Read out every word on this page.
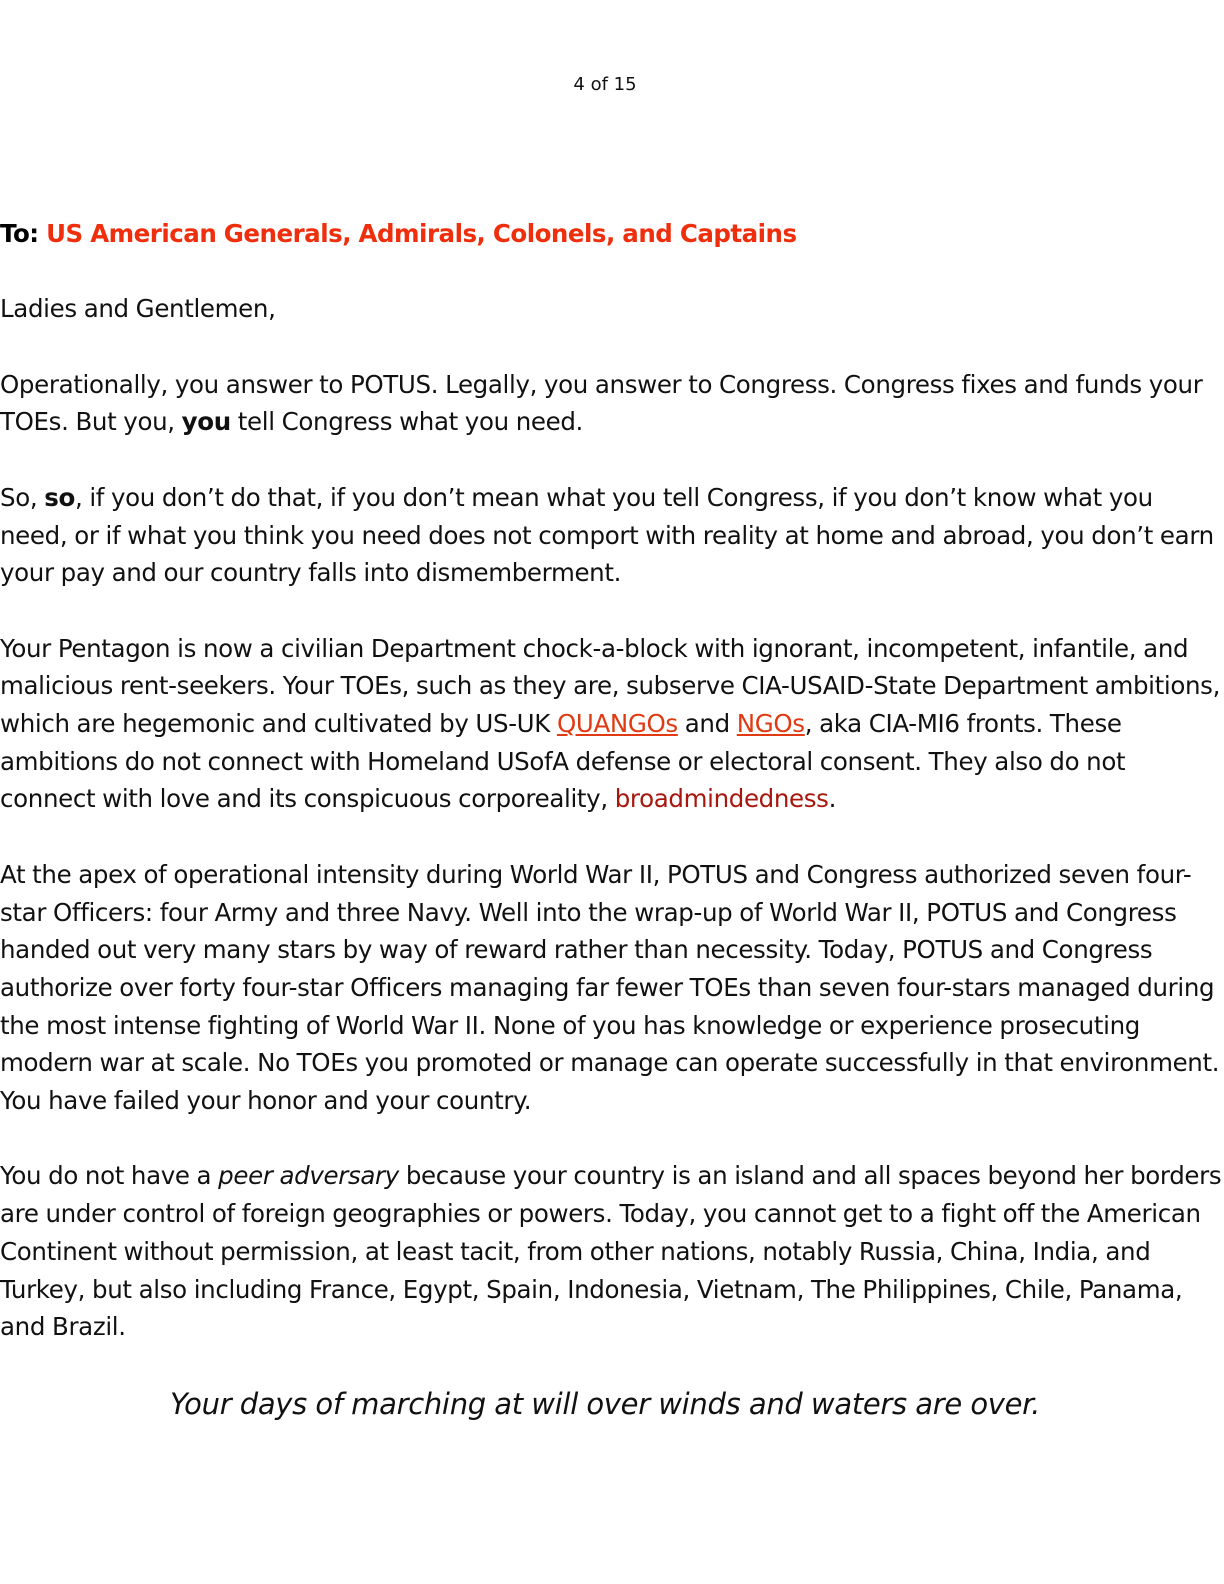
4 of 15

To: US American Generals, Admirals, Colonels, and Captains

Ladies and Gentlemen,

Operationally, you answer to POTUS. Legally, you answer to Congress. Congress fixes and funds your TOEs. But you, you tell Congress what you need.

So, so, if you don’t do that, if you don’t mean what you tell Congress, if you don’t know what you need, or if what you think you need does not comport with reality at home and abroad, you don’t earn your pay and our country falls into dismemberment.

Your Pentagon is now a civilian Department chock-a-block with ignorant, incompetent, infantile, and malicious rent-seekers. Your TOEs, such as they are, subserve CIA-USAID-State Department ambitions, which are hegemonic and cultivated by US-UK QUANGOs and NGOs, aka CIA-MI6 fronts. These ambitions do not connect with Homeland USofA defense or electoral consent. They also do not connect with love and its conspicuous corporeality, broadmindedness.

At the apex of operational intensity during World War II, POTUS and Congress authorized seven four-star Officers: four Army and three Navy. Well into the wrap-up of World War II, POTUS and Congress handed out very many stars by way of reward rather than necessity. Today, POTUS and Congress authorize over forty four-star Officers managing far fewer TOEs than seven four-stars managed during the most intense fighting of World War II. None of you has knowledge or experience prosecuting modern war at scale. No TOEs you promoted or manage can operate successfully in that environment. You have failed your honor and your country.

You do not have a peer adversary because your country is an island and all spaces beyond her borders are under control of foreign geographies or powers. Today, you cannot get to a fight off the American Continent without permission, at least tacit, from other nations, notably Russia, China, India, and Turkey, but also including France, Egypt, Spain, Indonesia, Vietnam, The Philippines, Chile, Panama, and Brazil.

Your days of marching at will over winds and waters are over.
